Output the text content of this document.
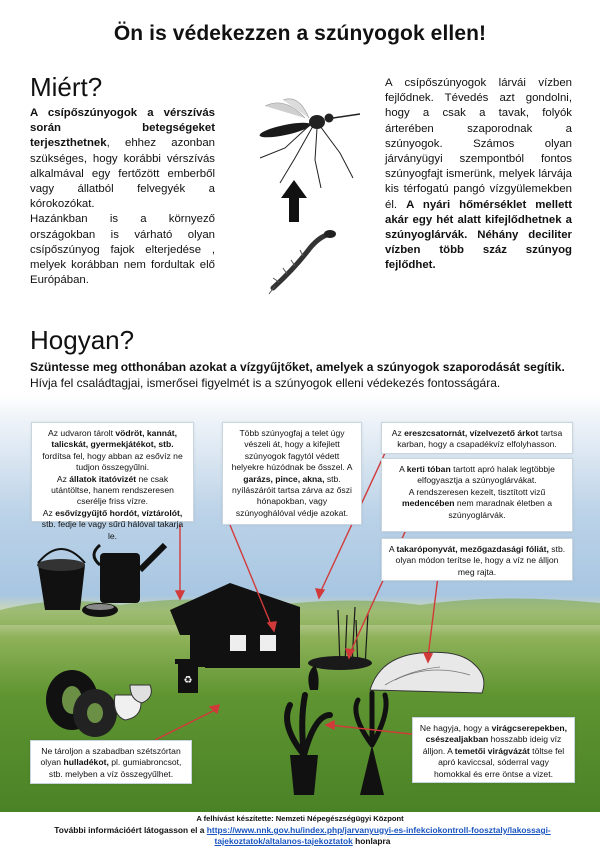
Ön is védekezzen a szúnyogok ellen!
Miért?

A csípőszúnyogok a vérszívás során betegségeket terjeszthetnek, ehhez azonban szükséges, hogy korábbi vérszívás alkalmával egy fertőzött emberből vagy állatból felvegyék a kórokozókat.

Hazánkban is a környező országokban is várható olyan csípőszúnyog fajok elterjedése , melyek korábban nem fordultak elő Európában.

A csípőszúnyogok lárvái vízben fejlődnek. Tévedés azt gondolni, hogy a csak a tavak, folyók árterében szaporodnak a szúnyogok. Számos olyan járványügyi szempontból fontos szúnyogfajt ismerünk, melyek lárvája kis térfogatú pangó vízgyülemekben él. A nyári hőmérséklet mellett akár egy hét alatt kifejlődhetnek a szúnyoglárvák. Néhány deciliter vízben több száz szúnyog fejlődhet.

Hogyan?
Szüntesse meg otthonában azokat a vízgyűjtőket, amelyek a szúnyogok szaporodását segítik.
Hívja fel családtagjai, ismerősei figyelmét is a szúnyogok elleni védekezés fontosságára.
♻
Az udvaron tárolt vödröt, kannát, talicskát, gyermekjátékot, stb. fordítsa fel, hogy abban az esővíz ne tudjon összegyűlni.
Az állatok itatóvizét ne csak utántöltse, hanem rendszeresen cserélje friss vízre.
Az esővízgyűjtő hordót, víztárolót, stb. fedje le vagy sűrű hálóval takarja le.
Több szúnyogfaj a telet úgy vészeli át, hogy a kifejlett szúnyogok fagytól védett helyekre húzódnak be ősszel. A garázs, pince, akna, stb. nyílászáróit tartsa zárva az őszi hónapokban, vagy szúnyoghálóval védje azokat.
Az ereszcsatornát, vízelvezető árkot tartsa karban, hogy a csapadékvíz elfolyhasson.
A kerti tóban tartott apró halak legtöbbje elfogyasztja a szúnyoglárvákat.
A rendszeresen kezelt, tisztított vizű medencében nem maradnak életben a szúnyoglárvák.
A takaróponyvát, mezőgazdasági fóliát, stb. olyan módon terítse le, hogy a víz ne álljon meg rajta.
Ne tároljon a szabadban szétszórtan olyan hulladékot, pl. gumiabroncsot, stb. melyben a víz összegyűlhet.
Ne hagyja, hogy a virágcserepekben, csészealjakban hosszabb ideig víz álljon. A temetői virágvázát töltse fel apró kaviccsal, sóderral vagy homokkal és erre öntse a vizet.
A felhívást készítette: Nemzeti Népegészségügyi Központ
További információért látogasson el a https://www.nnk.gov.hu/index.php/jarvanyugyi-es-infekciokontroll-foosztaly/lakossagi-tajekoztatok/altalanos-tajekoztatok honlapra
